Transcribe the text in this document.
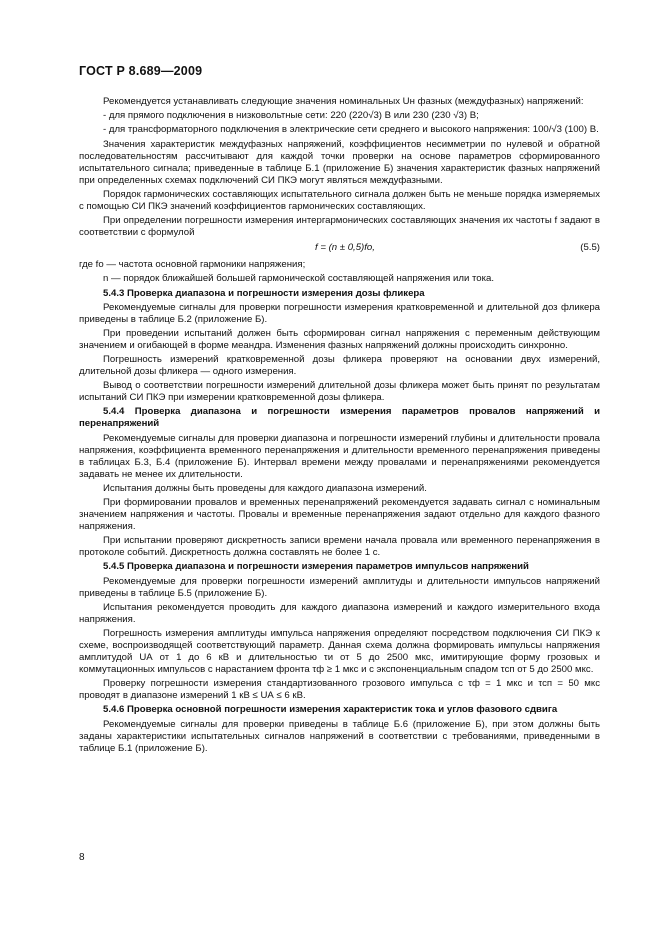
ГОСТ Р 8.689—2009

Рекомендуется устанавливать следующие значения номинальных Uн фазных (междуфазных) напряжений:

- для прямого подключения в низковольтные сети: 220 (220√3) В или 230 (230 √3) В;

- для трансформаторного подключения в электрические сети среднего и высокого напряжения: 100/√3 (100) В.

Значения характеристик междуфазных напряжений, коэффициентов несимметрии по нулевой и обратной последовательностям рассчитывают для каждой точки проверки на основе параметров сформированного испытательного сигнала; приведенные в таблице Б.1 (приложение Б) значения характеристик фазных напряжений при определенных схемах подключений СИ ПКЭ могут являться междуфазными.

Порядок гармонических составляющих испытательного сигнала должен быть не меньше порядка измеряемых с помощью СИ ПКЭ значений коэффициентов гармонических составляющих.

При определении погрешности измерения интергармонических составляющих значения их частоты f задают в соответствии с формулой

f = (n ± 0,5)fo,	(5.5)

где fo — частота основной гармоники напряжения;

n — порядок ближайшей большей гармонической составляющей напряжения или тока.

5.4.3 Проверка диапазона и погрешности измерения дозы фликера

Рекомендуемые сигналы для проверки погрешности измерения кратковременной и длительной доз фликера приведены в таблице Б.2 (приложение Б).

При проведении испытаний должен быть сформирован сигнал напряжения с переменным действующим значением и огибающей в форме меандра. Изменения фазных напряжений должны происходить синхронно.

Погрешность измерений кратковременной дозы фликера проверяют на основании двух измерений, длительной дозы фликера — одного измерения.

Вывод о соответствии погрешности измерений длительной дозы фликера может быть принят по результатам испытаний СИ ПКЭ при измерении кратковременной дозы фликера.

5.4.4 Проверка диапазона и погрешности измерения параметров провалов напряжений и перенапряжений

Рекомендуемые сигналы для проверки диапазона и погрешности измерений глубины и длительности провала напряжения, коэффициента временного перенапряжения и длительности временного перенапряжения приведены в таблицах Б.3, Б.4 (приложение Б). Интервал времени между провалами и перенапряжениями рекомендуется задавать не менее их длительности.

Испытания должны быть проведены для каждого диапазона измерений.

При формировании провалов и временных перенапряжений рекомендуется задавать сигнал с номинальным значением напряжения и частоты. Провалы и временные перенапряжения задают отдельно для каждого фазного напряжения.

При испытании проверяют дискретность записи времени начала провала или временного перенапряжения в протоколе событий. Дискретность должна составлять не более 1 с.

5.4.5 Проверка диапазона и погрешности измерения параметров импульсов напряжений

Рекомендуемые для проверки погрешности измерений амплитуды и длительности импульсов напряжений приведены в таблице Б.5 (приложение Б).

Испытания рекомендуется проводить для каждого диапазона измерений и каждого измерительного входа напряжения.

Погрешность измерения амплитуды импульса напряжения определяют посредством подключения СИ ПКЭ к схеме, воспроизводящей соответствующий параметр. Данная схема должна формировать импульсы напряжения амплитудой UА от 1 до 6 кВ и длительностью τи от 5 до 2500 мкс, имитирующие форму грозовых и коммутационных импульсов с нарастанием фронта τф ≥ 1 мкс и с экспоненциальным спадом τсп от 5 до 2500 мкс.

Проверку погрешности измерения стандартизованного грозового импульса с τф = 1 мкс и τсп = 50 мкс проводят в диапазоне измерений 1 кВ ≤ UА ≤ 6 кВ.

5.4.6 Проверка основной погрешности измерения характеристик тока и углов фазового сдвига

Рекомендуемые сигналы для проверки приведены в таблице Б.6 (приложение Б), при этом должны быть заданы характеристики испытательных сигналов напряжений в соответствии с требованиями, приведенными в таблице Б.1 (приложение Б).

8
